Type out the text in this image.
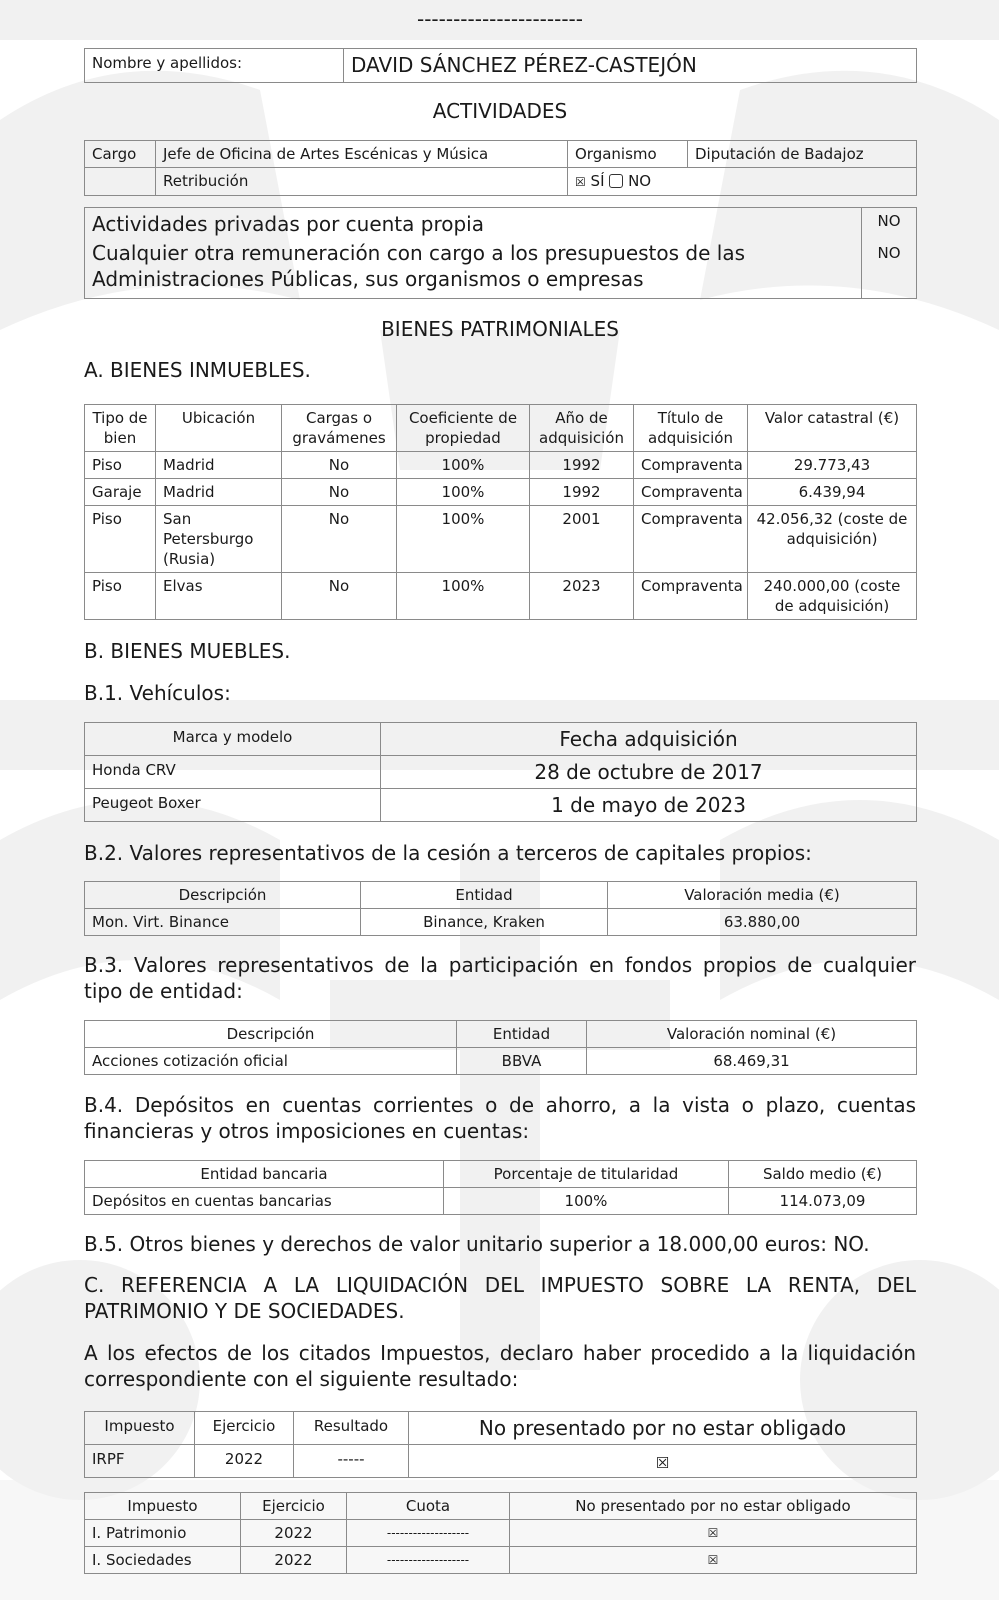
-----------------------
Nombre y apellidos:	DAVID SÁNCHEZ PÉREZ-CASTEJÓN
ACTIVIDADES
Cargo	Jefe de Oficina de Artes Escénicas y Música	Organismo	Diputación de Badajoz
	Retribución	☒ SÍ NO	
Actividades privadas por cuenta propia	NO
Cualquier otra remuneración con cargo a los presupuestos de las Administraciones Públicas, sus organismos o empresas	NO
BIENES PATRIMONIALES
A. BIENES INMUEBLES.
Tipo de bien	Ubicación	Cargas o gravámenes	Coeficiente de propiedad	Año de adquisición	Título de adquisición	Valor catastral (€)
Piso	Madrid	No	100%	1992	Compraventa	29.773,43
Garaje	Madrid	No	100%	1992	Compraventa	6.439,94
Piso	San Petersburgo (Rusia)	No	100%	2001	Compraventa	42.056,32 (coste de adquisición)
Piso	Elvas	No	100%	2023	Compraventa	240.000,00 (coste de adquisición)
B. BIENES MUEBLES.
B.1. Vehículos:
Marca y modelo	Fecha adquisición
Honda CRV	28 de octubre de 2017
Peugeot Boxer	1 de mayo de 2023
B.2. Valores representativos de la cesión a terceros de capitales propios:
Descripción	Entidad	Valoración media (€)
Mon. Virt. Binance	Binance, Kraken	63.880,00
B.3. Valores representativos de la participación en fondos propios de cualquier tipo de entidad:
Descripción	Entidad	Valoración nominal (€)
Acciones cotización oficial	BBVA	68.469,31
B.4. Depósitos en cuentas corrientes o de ahorro, a la vista o plazo, cuentas financieras y otros imposiciones en cuentas:
Entidad bancaria	Porcentaje de titularidad	Saldo medio (€)
Depósitos en cuentas bancarias	100%	114.073,09
B.5. Otros bienes y derechos de valor unitario superior a 18.000,00 euros: NO.
C. REFERENCIA A LA LIQUIDACIÓN DEL IMPUESTO SOBRE LA RENTA, DEL PATRIMONIO Y DE SOCIEDADES.
A los efectos de los citados Impuestos, declaro haber procedido a la liquidación correspondiente con el siguiente resultado:
Impuesto	Ejercicio	Resultado	No presentado por no estar obligado
IRPF	2022	-----	☒
Impuesto	Ejercicio	Cuota	No presentado por no estar obligado
I. Patrimonio	2022	-------------------	☒
I. Sociedades	2022	-------------------	☒
